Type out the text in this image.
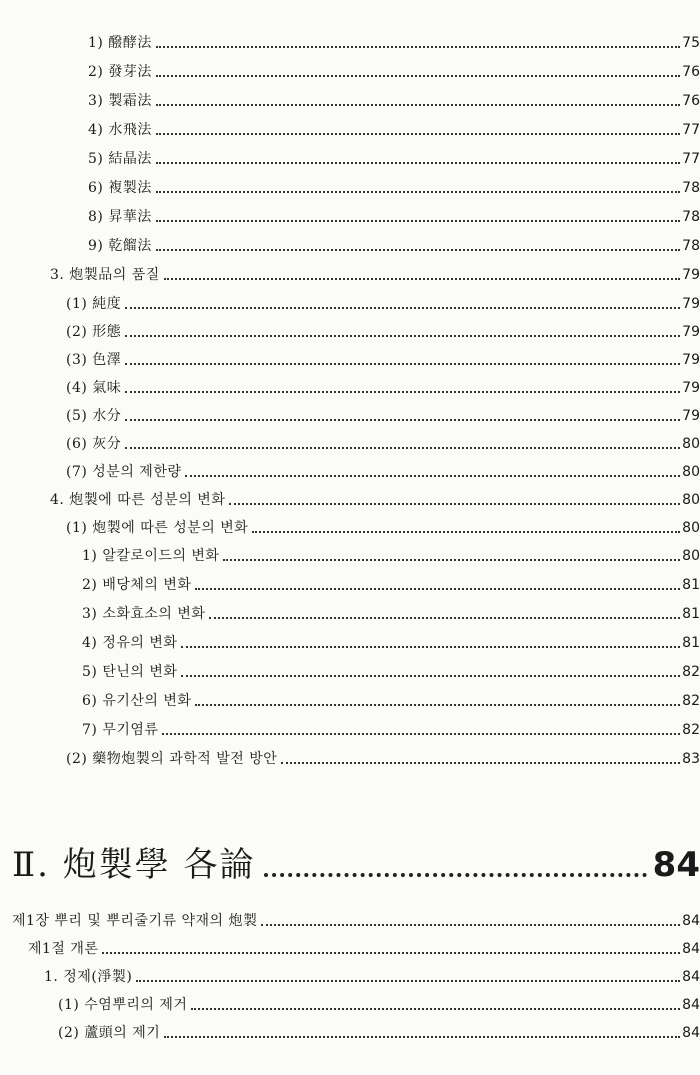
1) 醱酵法	75
2) 發芽法	76
3) 製霜法	76
4) 水飛法	77
5) 結晶法	77
6) 複製法	78
8) 昇華法	78
9) 乾餾法	78
3. 炮製品의 품질	79
(1) 純度	79
(2) 形態	79
(3) 色澤	79
(4) 氣味	79
(5) 水分	79
(6) 灰分	80
(7) 성분의 제한량	80
4. 炮製에 따른 성분의 변화	80
(1) 炮製에 따른 성분의 변화	80
1) 알칼로이드의 변화	80
2) 배당체의 변화	81
3) 소화효소의 변화	81
4) 정유의 변화	81
5) 탄닌의 변화	82
6) 유기산의 변화	82
7) 무기염류	82
(2) 藥物炮製의 과학적 발전 방안	83
Ⅱ. 炮製學 各論	84
제1장 뿌리 및 뿌리줄기류 약재의 炮製	84
제1절 개론	84
1. 정제(淨製)	84
(1) 수염뿌리의 제거	84
(2) 蘆頭의 제기	84
